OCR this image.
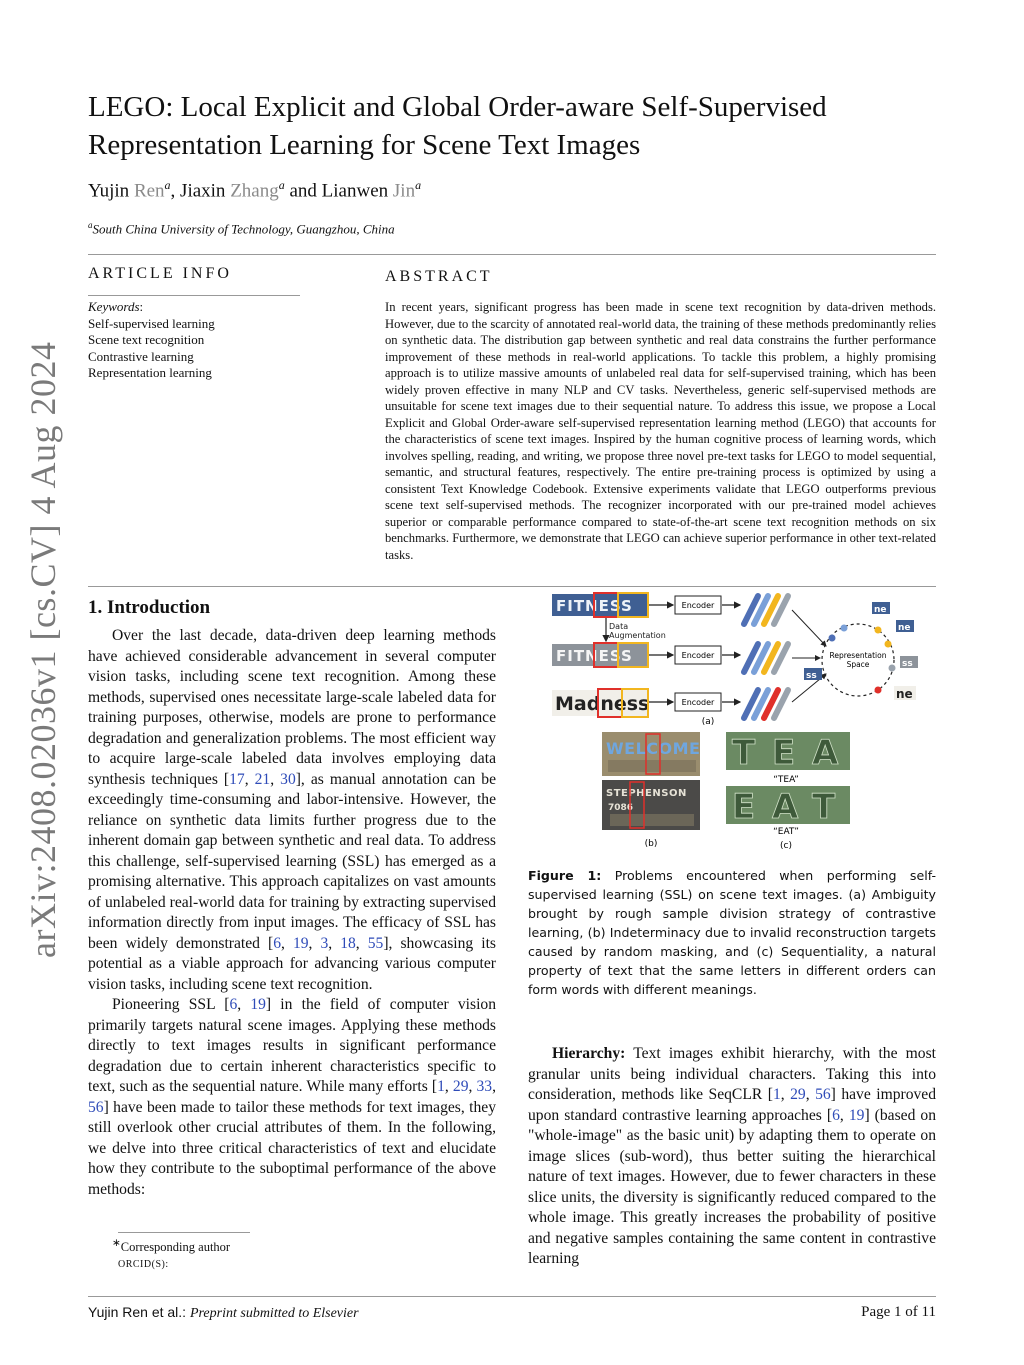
arXiv:2408.02036v1 [cs.CV] 4 Aug 2024
LEGO: Local Explicit and Global Order-aware Self-Supervised Representation Learning for Scene Text Images
Yujin Ren$^a$, Jiaxin Zhang$^a$ and Lianwen Jin$^a$
$^a$South China University of Technology, Guangzhou, China
ARTICLE INFO
Keywords:
Self-supervised learning
Scene text recognition
Contrastive learning
Representation learning
ABSTRACT
In recent years, significant progress has been made in scene text recognition by data-driven methods. However, due to the scarcity of annotated real-world data, the training of these methods predominantly relies on synthetic data. The distribution gap between synthetic and real data constrains the further performance improvement of these methods in real-world applications. To tackle this problem, a highly promising approach is to utilize massive amounts of unlabeled real data for self-supervised training, which has been widely proven effective in many NLP and CV tasks. Nevertheless, generic self-supervised methods are unsuitable for scene text images due to their sequential nature. To address this issue, we propose a Local Explicit and Global Order-aware self-supervised representation learning method (LEGO) that accounts for the characteristics of scene text images. Inspired by the human cognitive process of learning words, which involves spelling, reading, and writing, we propose three novel pre-text tasks for LEGO to model sequential, semantic, and structural features, respectively. The entire pre-training process is optimized by using a consistent Text Knowledge Codebook. Extensive experiments validate that LEGO outperforms previous scene text self-supervised methods. The recognizer incorporated with our pre-trained model achieves superior or comparable performance compared to state-of-the-art scene text recognition methods on six benchmarks. Furthermore, we demonstrate that LEGO can achieve superior performance in other text-related tasks.
1. Introduction

Over the last decade, data-driven deep learning methods have achieved considerable advancement in several computer vision tasks, including scene text recognition. Among these methods, supervised ones necessitate large-scale labeled data for training purposes, otherwise, models are prone to performance degradation and generalization problems. The most efficient way to acquire large-scale labeled data involves employing data synthesis techniques [17, 21, 30], as manual annotation can be exceedingly time-consuming and labor-intensive. However, the reliance on synthetic data limits further progress due to the inherent domain gap between synthetic and real data. To address this challenge, self-supervised learning (SSL) has emerged as a promising alternative. This approach capitalizes on vast amounts of unlabeled real-world data for training by extracting supervised information directly from input images. The efficacy of SSL has been widely demonstrated [6, 19, 3, 18, 55], showcasing its potential as a viable approach for advancing various computer vision tasks, including scene text recognition.

Pioneering SSL [6, 19] in the field of computer vision primarily targets natural scene images. Applying these methods directly to text images results in significant performance degradation due to certain inherent characteristics specific to text, such as the sequential nature. While many efforts [1, 29, 33, 56] have been made to tailor these methods for text images, they still overlook other crucial attributes of them. In the following, we delve into three critical characteristics of text and elucidate how they contribute to the suboptimal performance of the above methods:

FITNESS
FITNESS
Madness
Data
Augmentation
Encoder
Encoder
Encoder
Representation
Space
ne
ne
ss
ss
ne
(a)
WELCOME
STEPHENSON
7086
(b)
T E A
“TEA”
E A T
“EAT”
(c)
Figure 1: Problems encountered when performing self-supervised learning (SSL) on scene text images. (a) Ambiguity brought by rough sample division strategy of contrastive learning, (b) Indeterminacy due to invalid reconstruction targets caused by random masking, and (c) Sequentiality, a natural property of text that the same letters in different orders can form words with different meanings.

Hierarchy: Text images exhibit hierarchy, with the most granular units being individual characters. Taking this into consideration, methods like SeqCLR [1, 29, 56] have improved upon standard contrastive learning approaches [6, 19] (based on "whole-image" as the basic unit) by adapting them to operate on image slices (sub-word), thus better suiting the hierarchical nature of text images. However, due to fewer characters in these slice units, the diversity is significantly reduced compared to the whole image. This greatly increases the probability of positive and negative samples containing the same content in contrastive learning

∗Corresponding author
ORCID(S):
Yujin Ren et al.: Preprint submitted to Elsevier	Page 1 of 11
